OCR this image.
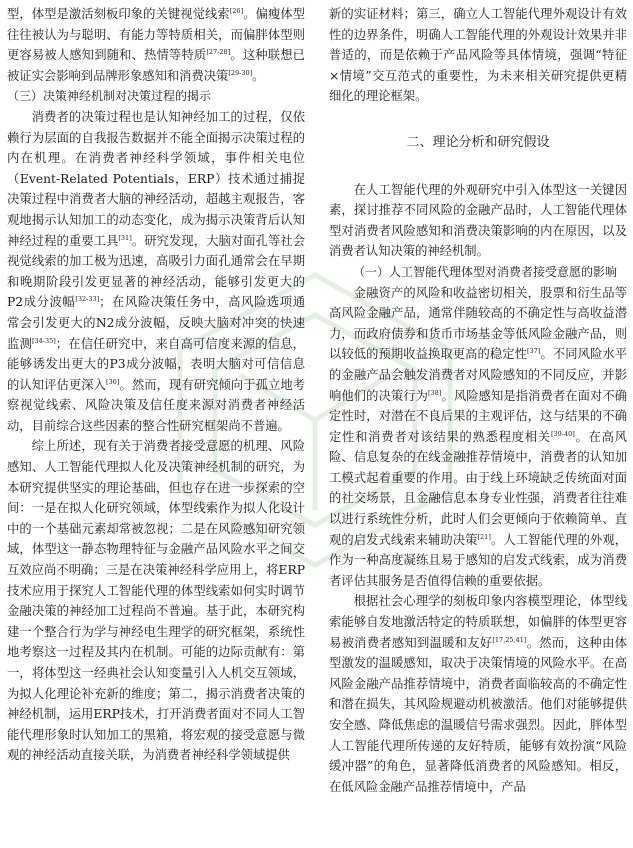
型，体型是激活刻板印象的关键视觉线索[26]。偏瘦体型往往被认为与聪明、有能力等特质相关，而偏胖体型则更容易被人感知到随和、热情等特质[27-28]。这种联想已被证实会影响到品牌形象感知和消费决策[29-30]。

（三）决策神经机制对决策过程的揭示

消费者的决策过程也是认知神经加工的过程，仅依赖行为层面的自我报告数据并不能全面揭示决策过程的内在机理。在消费者神经科学领域，事件相关电位（Event-Related Potentials，ERP）技术通过捕捉决策过程中消费者大脑的神经活动，超越主观报告，客观地揭示认知加工的动态变化，成为揭示决策背后认知神经过程的重要工具[31]。研究发现，大脑对面孔等社会视觉线索的加工极为迅速，高吸引力面孔通常会在早期和晚期阶段引发更显著的神经活动，能够引发更大的P2成分波幅[32-33]；在风险决策任务中，高风险选项通常会引发更大的N2成分波幅，反映大脑对冲突的快速监测[34-35]；在信任研究中，来自高可信度来源的信息，能够诱发出更大的P3成分波幅，表明大脑对可信信息的认知评估更深入[36]。然而，现有研究倾向于孤立地考察视觉线索、风险决策及信任度来源对消费者神经活动，目前综合这些因素的整合性研究框架尚不普遍。

综上所述，现有关于消费者接受意愿的机理、风险感知、人工智能代理拟人化及决策神经机制的研究，为本研究提供坚实的理论基础，但也存在进一步探索的空间：一是在拟人化研究领域，体型线索作为拟人化设计中的一个基础元素却常被忽视；二是在风险感知研究领域，体型这一静态物理特征与金融产品风险水平之间交互效应尚不明确；三是在决策神经科学应用上，将ERP技术应用于探究人工智能代理的体型线索如何实时调节金融决策的神经加工过程尚不普遍。基于此，本研究构建一个整合行为学与神经电生理学的研究框架，系统性地考察这一过程及其内在机制。可能的边际贡献有：第一，将体型这一经典社会认知变量引入人机交互领域，为拟人化理论补充新的维度；第二，揭示消费者决策的神经机制，运用ERP技术，打开消费者面对不同人工智能代理形象时认知加工的黑箱，将宏观的接受意愿与微观的神经活动直接关联，为消费者神经科学领域提供

新的实证材料；第三，确立人工智能代理外观设计有效性的边界条件，明确人工智能代理的外观设计效果并非普适的，而是依赖于产品风险等具体情境，强调“特征×情境”交互范式的重要性，为未来相关研究提供更精细化的理论框架。

二、理论分析和研究假设

在人工智能代理的外观研究中引入体型这一关键因素，探讨推荐不同风险的金融产品时，人工智能代理体型对消费者风险感知和消费决策影响的内在原因，以及消费者认知决策的神经机制。

（一）人工智能代理体型对消费者接受意愿的影响

金融资产的风险和收益密切相关，股票和衍生品等高风险金融产品，通常伴随较高的不确定性与高收益潜力，而政府债券和货币市场基金等低风险金融产品，则以较低的预期收益换取更高的稳定性[37]。不同风险水平的金融产品会触发消费者对风险感知的不同反应，并影响他们的决策行为[38]。风险感知是指消费者在面对不确定性时，对潜在不良后果的主观评估，这与结果的不确定性和消费者对该结果的熟悉程度相关[39-40]。在高风险、信息复杂的在线金融推荐情境中，消费者的认知加工模式起着重要的作用。由于线上环境缺乏传统面对面的社交场景，且金融信息本身专业性强，消费者往往难以进行系统性分析，此时人们会更倾向于依赖简单、直观的启发式线索来辅助决策[21]。人工智能代理的外观，作为一种高度凝练且易于感知的启发式线索，成为消费者评估其服务是否值得信赖的重要依据。

根据社会心理学的刻板印象内容模型理论，体型线索能够自发地激活特定的特质联想，如偏胖的体型更容易被消费者感知到温暖和友好[17,25,41]。然而，这种由体型激发的温暖感知，取决于决策情境的风险水平。在高风险金融产品推荐情境中，消费者面临较高的不确定性和潜在损失，其风险规避动机被激活。他们对能够提供安全感、降低焦虑的温暖信号需求强烈。因此，胖体型人工智能代理所传递的友好特质，能够有效扮演“风险缓冲器”的角色，显著降低消费者的风险感知。相反，在低风险金融产品推荐情境中，产品
